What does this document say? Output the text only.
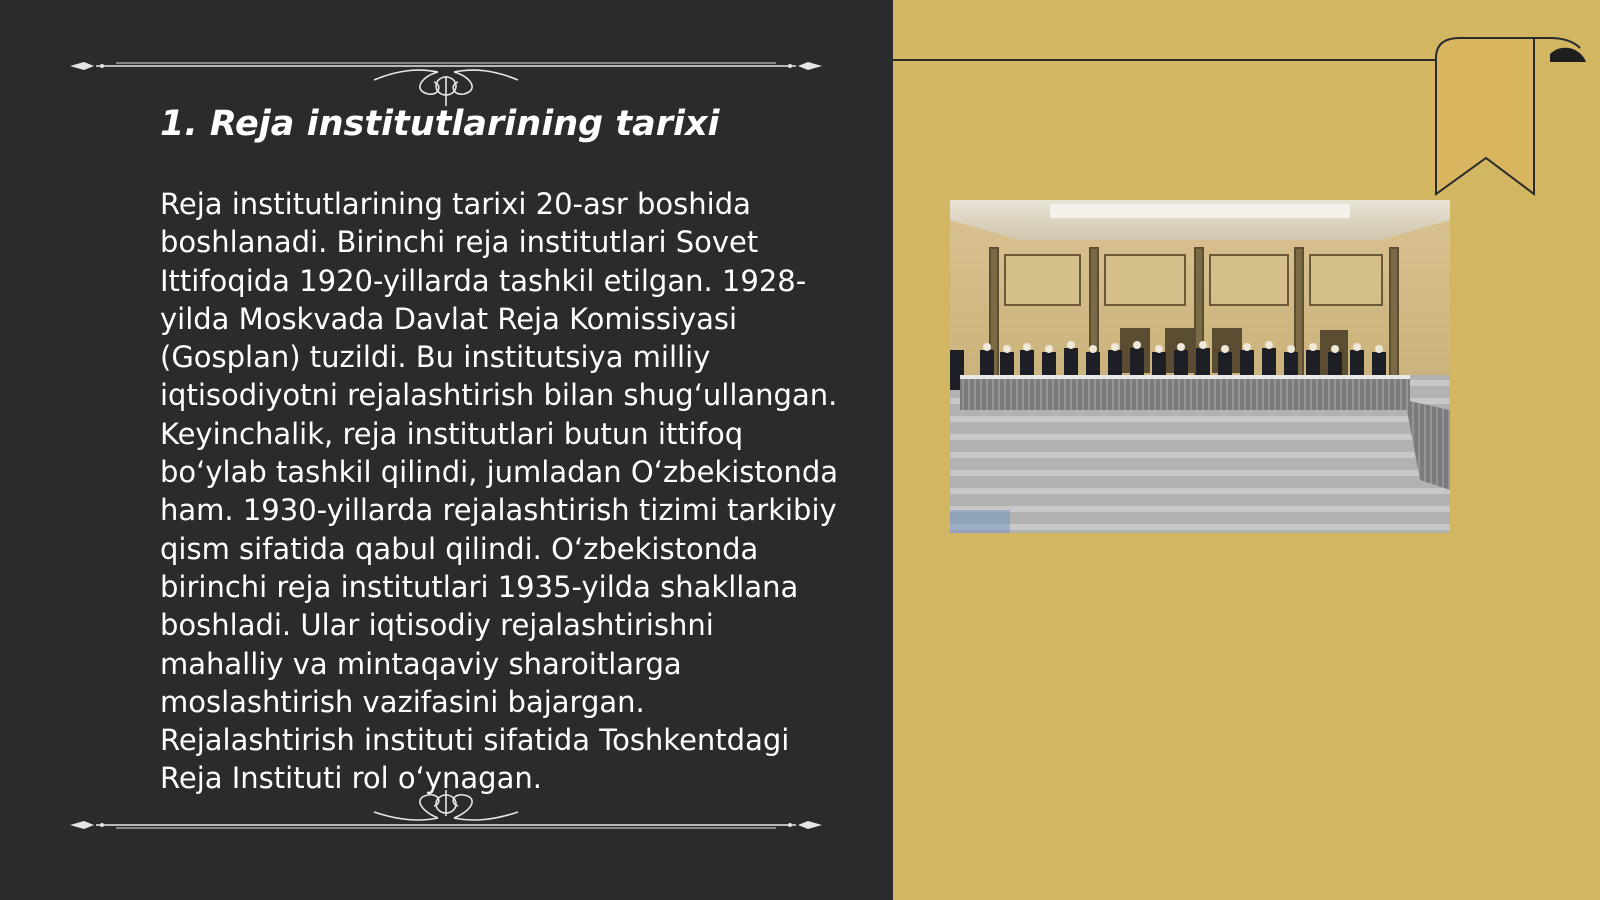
1. Reja institutlarining tarixi

Reja institutlarining tarixi 20-asr boshida boshlanadi. Birinchi reja institutlari Sovet Ittifoqida 1920-yillarda tashkil etilgan. 1928-yilda Moskvada Davlat Reja Komissiyasi (Gosplan) tuzildi. Bu institutsiya milliy iqtisodiyotni rejalashtirish bilan shug‘ullangan. Keyinchalik, reja institutlari butun ittifoq bo‘ylab tashkil qilindi, jumladan O‘zbekistonda ham. 1930-yillarda rejalashtirish tizimi tarkibiy qism sifatida qabul qilindi. O‘zbekistonda birinchi reja institutlari 1935-yilda shakllana boshladi. Ular iqtisodiy rejalashtirishni mahalliy va mintaqaviy sharoitlarga moslashtirish vazifasini bajargan. Rejalashtirish instituti sifatida Toshkentdagi Reja Instituti rol o‘ynagan.
